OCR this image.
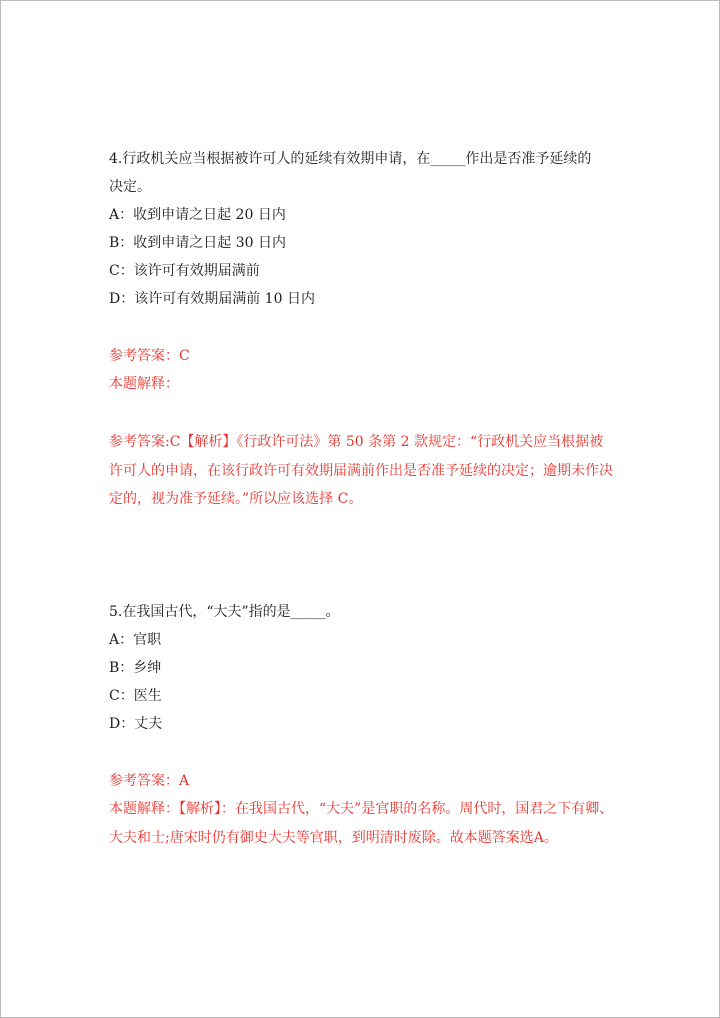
4.行政机关应当根据被许可人的延续有效期申请，在_____作出是否准予延续的
决定。
A：收到申请之日起 20 日内
B：收到申请之日起 30 日内
C：该许可有效期届满前
D：该许可有效期届满前 10 日内
参考答案：C
本题解释：
参考答案:C【解析】《行政许可法》第 50 条第 2 款规定：“行政机关应当根据被许可人的申请，在该行政许可有效期届满前作出是否准予延续的决定；逾期未作决定的，视为准予延续。”所以应该选择 C。
5.在我国古代，“大夫”指的是_____。
A：官职
B：乡绅
C：医生
D：丈夫
参考答案：A
本题解释：【解析】：在我国古代，“大夫”是官职的名称。周代时，国君之下有卿、大夫和士;唐宋时仍有御史大夫等官职，到明清时废除。故本题答案选A。
